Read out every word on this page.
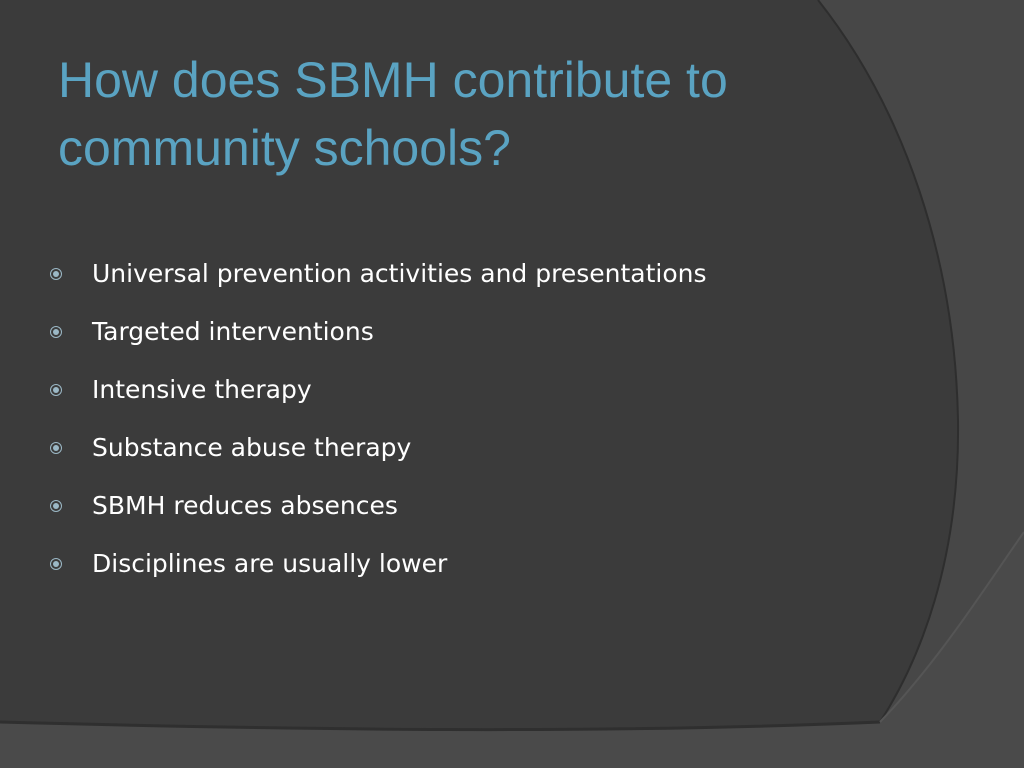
How does SBMH contribute to community schools?
Universal prevention activities and presentations
Targeted interventions
Intensive therapy
Substance abuse therapy
SBMH reduces absences
Disciplines are usually lower
